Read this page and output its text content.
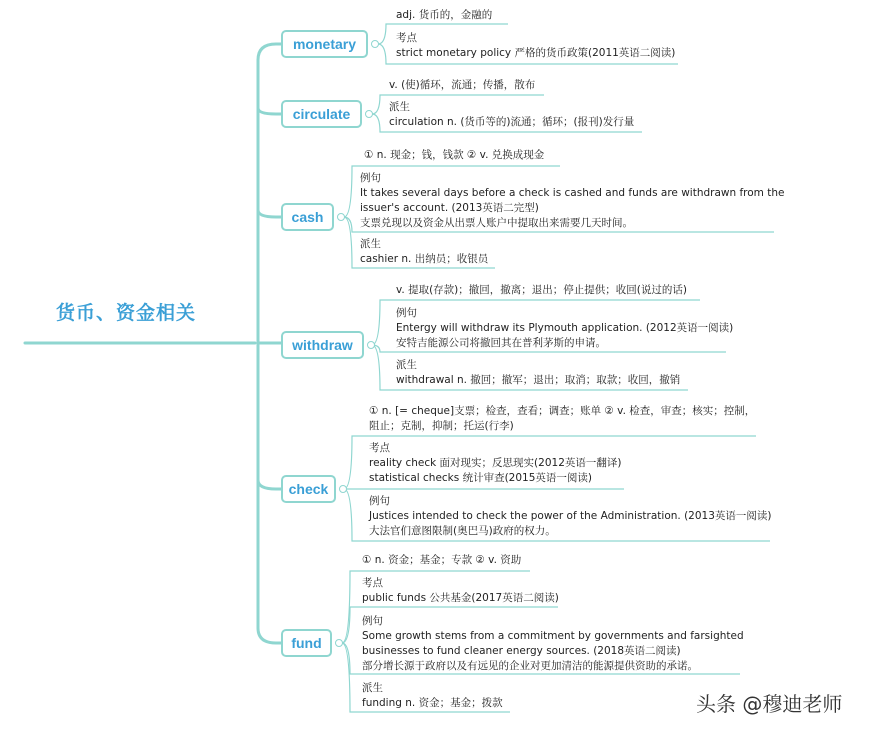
货币、资金相关
monetary
adj. 货币的，金融的
考点
strict monetary policy 严格的货币政策(2011英语二阅读)
circulate
v. (使)循环，流通；传播，散布
派生
circulation n. (货币等的)流通；循环；(报刊)发行量
cash
① n. 现金；钱，钱款 ② v. 兑换成现金
例句
It takes several days before a check is cashed and funds are withdrawn from the
issuer's account. (2013英语二完型)
支票兑现以及资金从出票人账户中提取出来需要几天时间。
派生
cashier n. 出纳员；收银员
withdraw
v. 提取(存款)；撤回，撤离；退出；停止提供；收回(说过的话)
例句
Entergy will withdraw its Plymouth application. (2012英语一阅读)
安特吉能源公司将撤回其在普利茅斯的申请。
派生
withdrawal n. 撤回；撤军；退出；取消；取款；收回，撤销
check
① n. [= cheque]支票；检查，查看；调查；账单 ② v. 检查，审查；核实；控制，
阻止；克制，抑制；托运(行李)
考点
reality check 面对现实；反思现实(2012英语一翻译)
statistical checks 统计审查(2015英语一阅读)
例句
Justices intended to check the power of the Administration. (2013英语一阅读)
大法官们意图限制(奥巴马)政府的权力。
fund
① n. 资金；基金；专款 ② v. 资助
考点
public funds 公共基金(2017英语二阅读)
例句
Some growth stems from a commitment by governments and farsighted
businesses to fund cleaner energy sources. (2018英语二阅读)
部分增长源于政府以及有远见的企业对更加清洁的能源提供资助的承诺。
派生
funding n. 资金；基金；拨款	头条 @穆迪老师
